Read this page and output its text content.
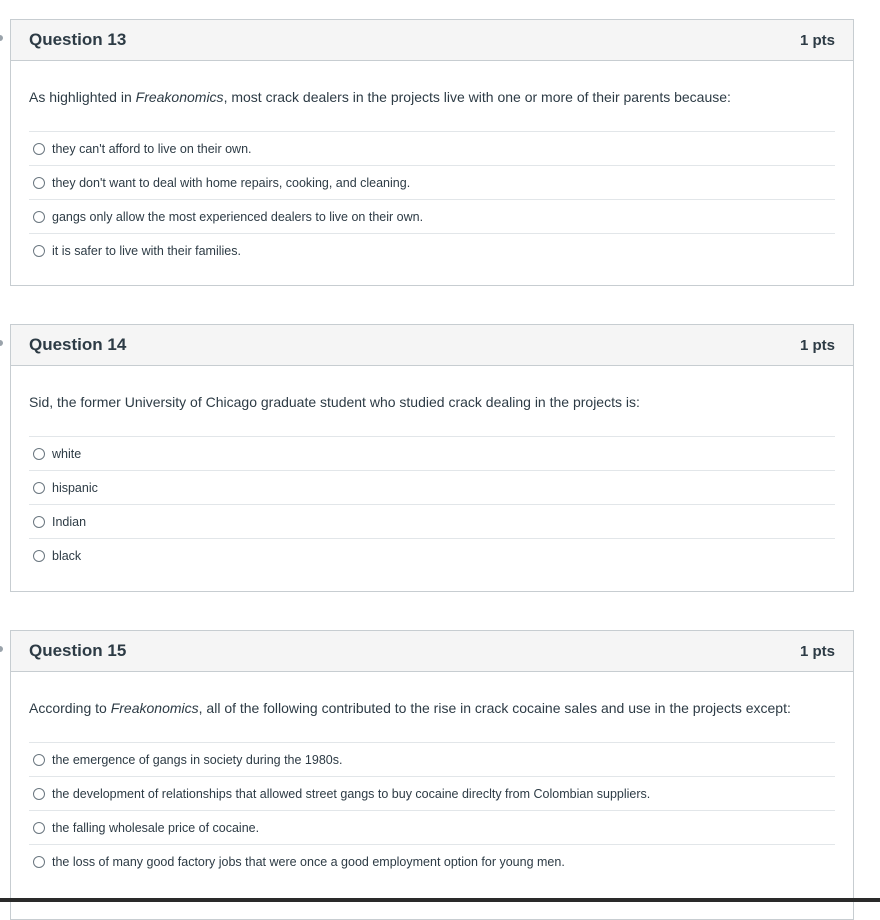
Question 13	1 pts
As highlighted in Freakonomics, most crack dealers in the projects live with one or more of their parents because:
they can't afford to live on their own.
they don't want to deal with home repairs, cooking, and cleaning.
gangs only allow the most experienced dealers to live on their own.
it is safer to live with their families.
Question 14	1 pts
Sid, the former University of Chicago graduate student who studied crack dealing in the projects is:
white
hispanic
Indian
black
Question 15	1 pts
According to Freakonomics, all of the following contributed to the rise in crack cocaine sales and use in the projects except:
the emergence of gangs in society during the 1980s.
the development of relationships that allowed street gangs to buy cocaine direclty from Colombian suppliers.
the falling wholesale price of cocaine.
the loss of many good factory jobs that were once a good employment option for young men.
